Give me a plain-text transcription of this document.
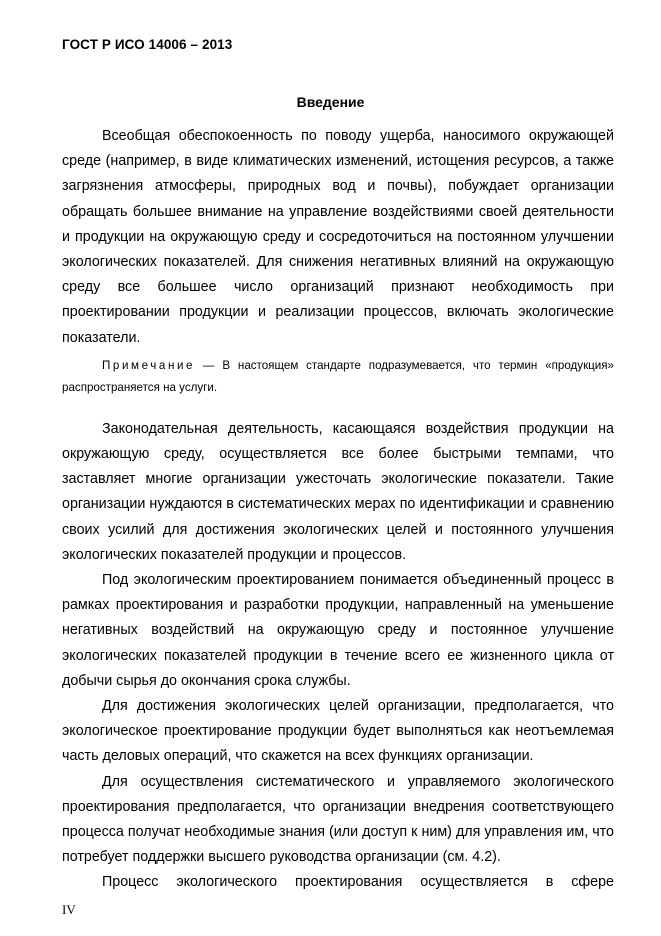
ГОСТ Р ИСО 14006 – 2013
Введение

Всеобщая обеспокоенность по поводу ущерба, наносимого окружающей среде (например, в виде климатических изменений, истощения ресурсов, а также загрязнения атмосферы, природных вод и почвы), побуждает организации обращать большее внимание на управление воздействиями своей деятельности и продукции на окружающую среду и сосредоточиться на постоянном улучшении экологических показателей. Для снижения негативных влияний на окружающую среду все большее число организаций признают необходимость при проектировании продукции и реализации процессов, включать экологические показатели.

Примечание — В настоящем стандарте подразумевается, что термин «продукция» распространяется на услуги.

Законодательная деятельность, касающаяся воздействия продукции на окружающую среду, осуществляется все более быстрыми темпами, что заставляет многие организации ужесточать экологические показатели. Такие организации нуждаются в систематических мерах по идентификации и сравнению своих усилий для достижения экологических целей и постоянного улучшения экологических показателей продукции и процессов.

Под экологическим проектированием понимается объединенный процесс в рамках проектирования и разработки продукции, направленный на уменьшение негативных воздействий на окружающую среду и постоянное улучшение экологических показателей продукции в течение всего ее жизненного цикла от добычи сырья до окончания срока службы.

Для достижения экологических целей организации, предполагается, что экологическое проектирование продукции будет выполняться как неотъемлемая часть деловых операций, что скажется на всех функциях организации.

Для осуществления систематического и управляемого экологического проектирования предполагается, что организации внедрения соответствующего процесса получат необходимые знания (или доступ к ним) для управления им, что потребует поддержки высшего руководства организации (см. 4.2).

Процесс экологического проектирования осуществляется в сфере

IV
